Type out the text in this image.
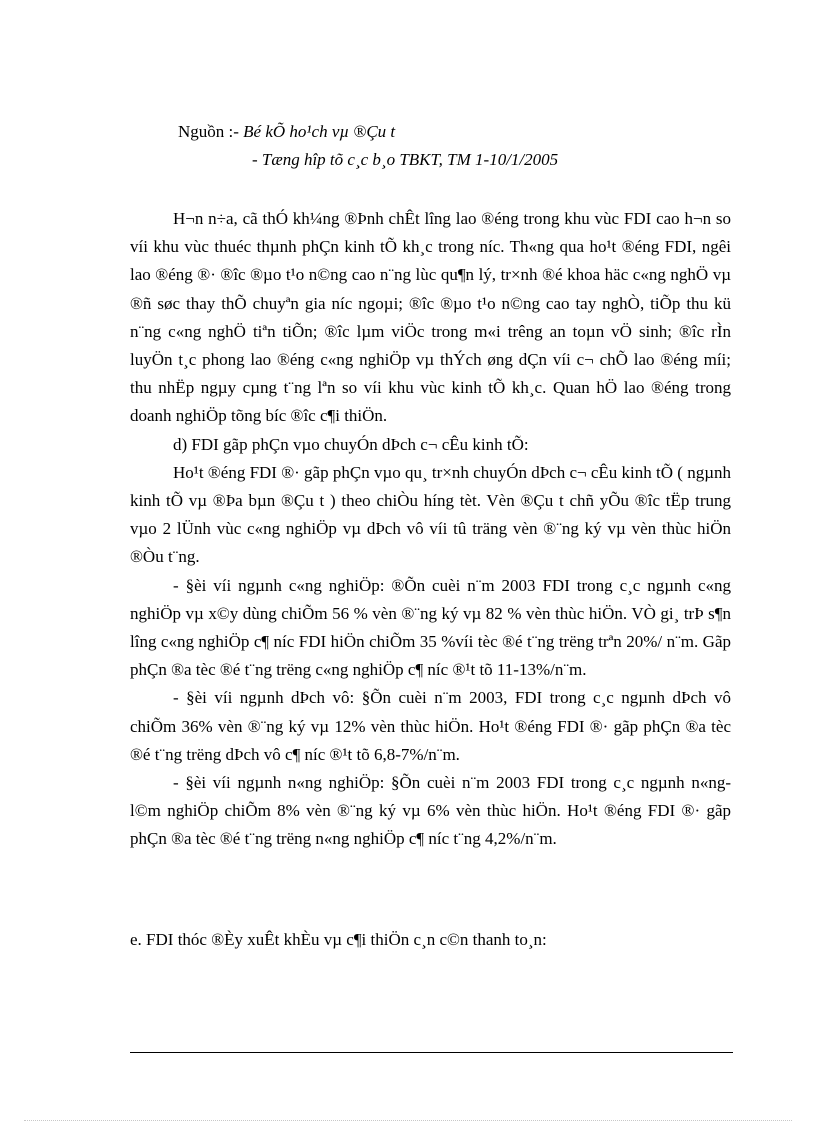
Nguồn :- Bé kÕ ho¹ch vµ ®Çu t
- Tæng hîp tõ c¸c b¸o TBKT, TM 1-10/1/2005

H¬n n÷a, cã thÓ kh¼ng ®Þnh chÊt lîng lao ®éng trong khu vùc FDI cao h¬n so víi khu vùc thuéc thµnh phÇn kinh tÕ kh¸c trong níc. Th«ng qua ho¹t ®éng FDI, ngêi lao ®éng ®· ®îc ®µo t¹o n©ng cao n¨ng lùc qu¶n lý, tr×nh ®é khoa häc c«ng nghÖ vµ ®ñ søc thay thÕ chuyªn gia níc ngoµi; ®îc ®µo t¹o n©ng cao tay nghÒ, tiÕp thu kü n¨ng c«ng nghÖ tiªn tiÕn; ®îc lµm viÖc trong m«i trêng an toµn vÖ sinh; ®îc rÌn luyÖn t¸c phong lao ®éng c«ng nghiÖp vµ thÝch øng dÇn víi c¬ chÕ lao ®éng míi; thu nhËp ngµy cµng t¨ng lªn so víi khu vùc kinh tÕ kh¸c. Quan hÖ lao ®éng trong doanh nghiÖp tõng bíc ®îc c¶i thiÖn.

d) FDI gãp phÇn vµo chuyÓn dÞch c¬ cÊu kinh tÕ:

Ho¹t ®éng FDI ®· gãp phÇn vµo qu¸ tr×nh chuyÓn dÞch c¬ cÊu kinh tÕ ( ngµnh kinh tÕ vµ ®Þa bµn ®Çu t ) theo chiÒu híng tèt. Vèn ®Çu t chñ yÕu ®îc tËp trung vµo 2 lÜnh vùc c«ng nghiÖp vµ dÞch vô víi tû träng vèn ®¨ng ký vµ vèn thùc hiÖn ®Òu t¨ng.

- §èi víi ngµnh c«ng nghiÖp: ®Õn cuèi n¨m 2003 FDI trong c¸c ngµnh c«ng nghiÖp vµ x©y dùng chiÕm 56 % vèn ®¨ng ký vµ 82 % vèn thùc hiÖn. VÒ gi¸ trÞ s¶n lîng c«ng nghiÖp c¶ níc FDI hiÖn chiÕm 35 %víi tèc ®é t¨ng trëng trªn 20%/ n¨m. Gãp phÇn ®a tèc ®é t¨ng trëng c«ng nghiÖp c¶ níc ®¹t tõ 11-13%/n¨m.

- §èi víi ngµnh dÞch vô: §Õn cuèi n¨m 2003, FDI trong c¸c ngµnh dÞch vô chiÕm 36% vèn ®¨ng ký vµ 12% vèn thùc hiÖn. Ho¹t ®éng FDI ®· gãp phÇn ®a tèc ®é t¨ng trëng dÞch vô c¶ níc ®¹t tõ 6,8-7%/n¨m.

- §èi víi ngµnh n«ng nghiÖp: §Õn cuèi n¨m 2003 FDI trong c¸c ngµnh n«ng- l©m nghiÖp chiÕm 8% vèn ®¨ng ký vµ 6% vèn thùc hiÖn. Ho¹t ®éng FDI ®· gãp phÇn ®a tèc ®é t¨ng trëng n«ng nghiÖp c¶ níc t¨ng 4,2%/n¨m.

e. FDI thóc ®Èy xuÊt khÈu vµ c¶i thiÖn c¸n c©n thanh to¸n:
